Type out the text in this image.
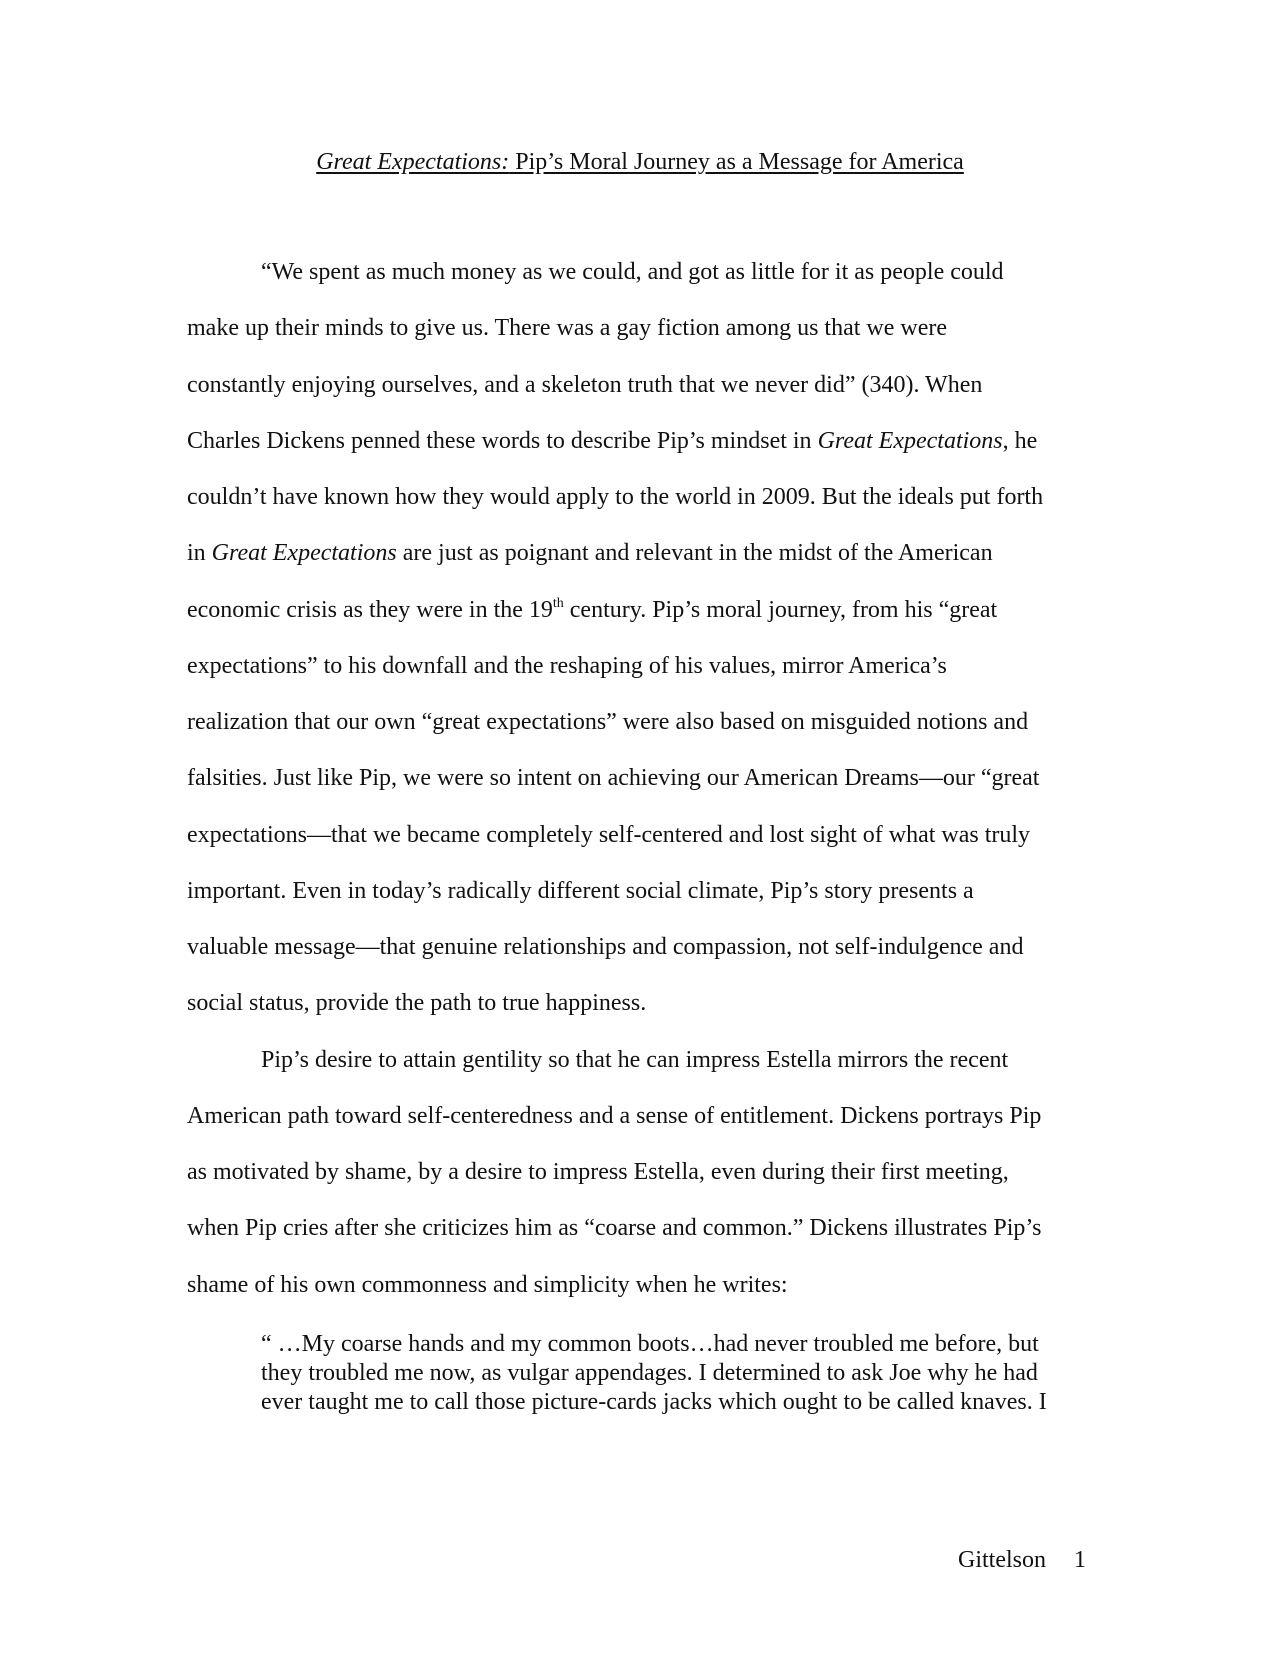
Great Expectations: Pip’s Moral Journey as a Message for America
“We spent as much money as we could, and got as little for it as people could
make up their minds to give us. There was a gay fiction among us that we were
constantly enjoying ourselves, and a skeleton truth that we never did” (340). When
Charles Dickens penned these words to describe Pip’s mindset in Great Expectations, he
couldn’t have known how they would apply to the world in 2009. But the ideals put forth
in Great Expectations are just as poignant and relevant in the midst of the American
economic crisis as they were in the 19th century. Pip’s moral journey, from his “great
expectations” to his downfall and the reshaping of his values, mirror America’s
realization that our own “great expectations” were also based on misguided notions and
falsities. Just like Pip, we were so intent on achieving our American Dreams—our “great
expectations—that we became completely self-centered and lost sight of what was truly
important. Even in today’s radically different social climate, Pip’s story presents a
valuable message—that genuine relationships and compassion, not self-indulgence and
social status, provide the path to true happiness.
Pip’s desire to attain gentility so that he can impress Estella mirrors the recent
American path toward self-centeredness and a sense of entitlement. Dickens portrays Pip
as motivated by shame, by a desire to impress Estella, even during their first meeting,
when Pip cries after she criticizes him as “coarse and common.” Dickens illustrates Pip’s
shame of his own commonness and simplicity when he writes:
“ …My coarse hands and my common boots…had never troubled me before, but
they troubled me now, as vulgar appendages. I determined to ask Joe why he had
ever taught me to call those picture-cards jacks which ought to be called knaves. I
Gittelson 1
